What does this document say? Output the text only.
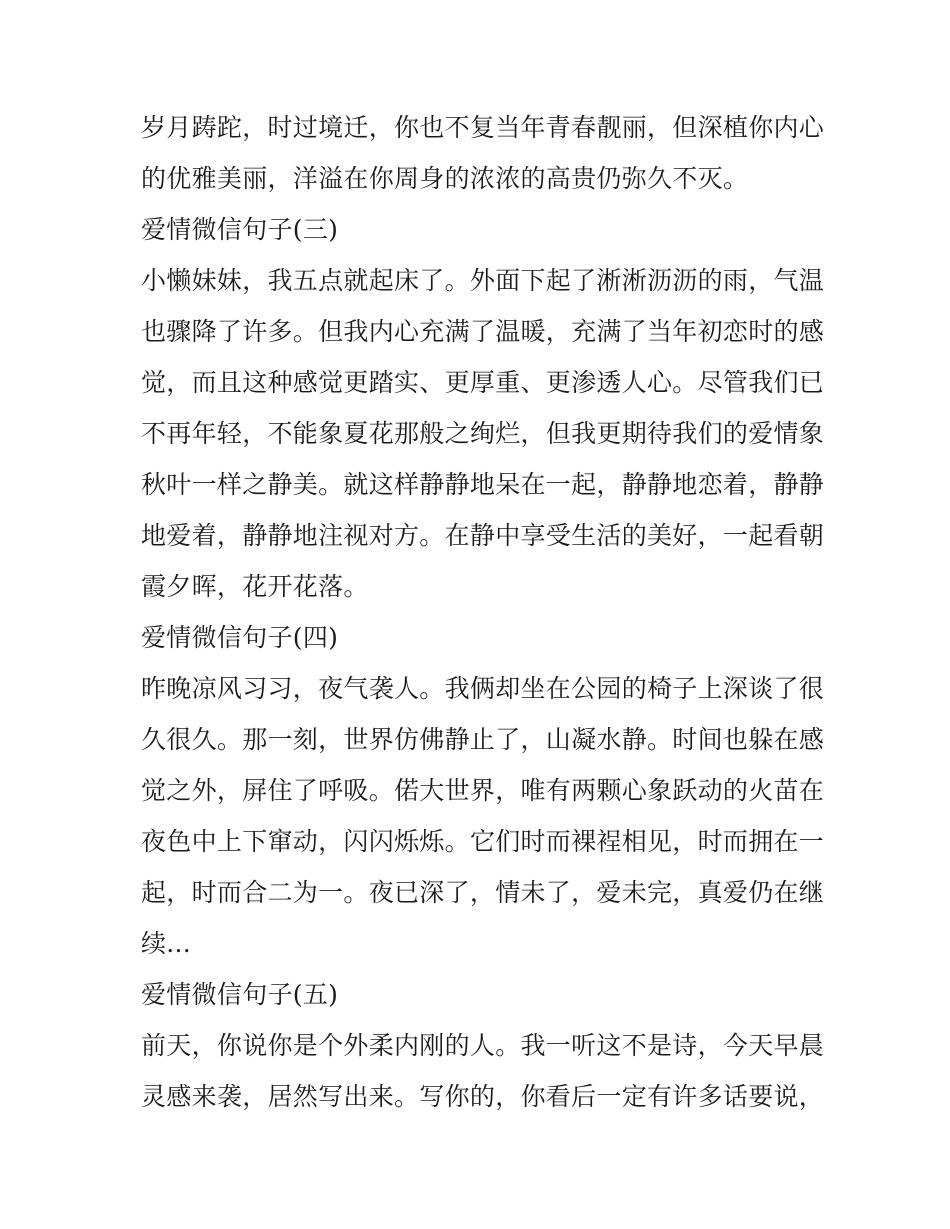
岁月踌跎，时过境迁，你也不复当年青春靓丽，但深植你内心
的优雅美丽，洋溢在你周身的浓浓的高贵仍弥久不灭。
爱情微信句子(三)
小懒妹妹，我五点就起床了。外面下起了淅淅沥沥的雨，气温
也骤降了许多。但我内心充满了温暖，充满了当年初恋时的感
觉，而且这种感觉更踏实、更厚重、更渗透人心。尽管我们已
不再年轻，不能象夏花那般之绚烂，但我更期待我们的爱情象
秋叶一样之静美。就这样静静地呆在一起，静静地恋着，静静
地爱着，静静地注视对方。在静中享受生活的美好，一起看朝
霞夕晖，花开花落。
爱情微信句子(四)
昨晚凉风习习，夜气袭人。我俩却坐在公园的椅子上深谈了很
久很久。那一刻，世界仿佛静止了，山凝水静。时间也躲在感
觉之外，屏住了呼吸。偌大世界，唯有两颗心象跃动的火苗在
夜色中上下窜动，闪闪烁烁。它们时而裸裎相见，时而拥在一
起，时而合二为一。夜已深了，情未了，爱未完，真爱仍在继
续...
爱情微信句子(五)
前天，你说你是个外柔内刚的人。我一听这不是诗，今天早晨
灵感来袭，居然写出来。写你的，你看后一定有许多话要说，
